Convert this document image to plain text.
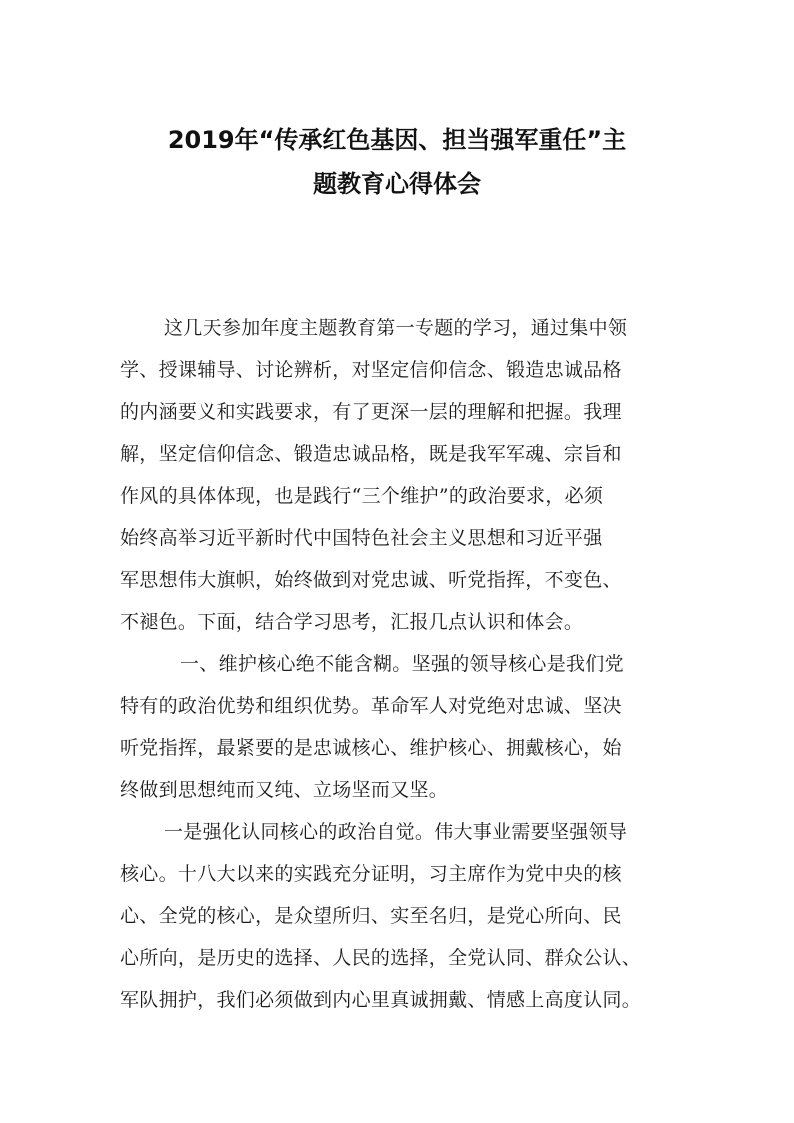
2019年“传承红色基因、担当强军重任”主
题教育心得体会
这几天参加年度主题教育第一专题的学习，通过集中领
学、授课辅导、讨论辨析，对坚定信仰信念、锻造忠诚品格
的内涵要义和实践要求，有了更深一层的理解和把握。我理
解，坚定信仰信念、锻造忠诚品格，既是我军军魂、宗旨和
作风的具体体现，也是践行“三个维护”的政治要求，必须
始终高举习近平新时代中国特色社会主义思想和习近平强
军思想伟大旗帜，始终做到对党忠诚、听党指挥，不变色、
不褪色。下面，结合学习思考，汇报几点认识和体会。
一、维护核心绝不能含糊。坚强的领导核心是我们党
特有的政治优势和组织优势。革命军人对党绝对忠诚、坚决
听党指挥，最紧要的是忠诚核心、维护核心、拥戴核心，始
终做到思想纯而又纯、立场坚而又坚。
一是强化认同核心的政治自觉。伟大事业需要坚强领导
核心。十八大以来的实践充分证明，习主席作为党中央的核
心、全党的核心，是众望所归、实至名归，是党心所向、民
心所向，是历史的选择、人民的选择，全党认同、群众公认、
军队拥护，我们必须做到内心里真诚拥戴、情感上高度认同。
